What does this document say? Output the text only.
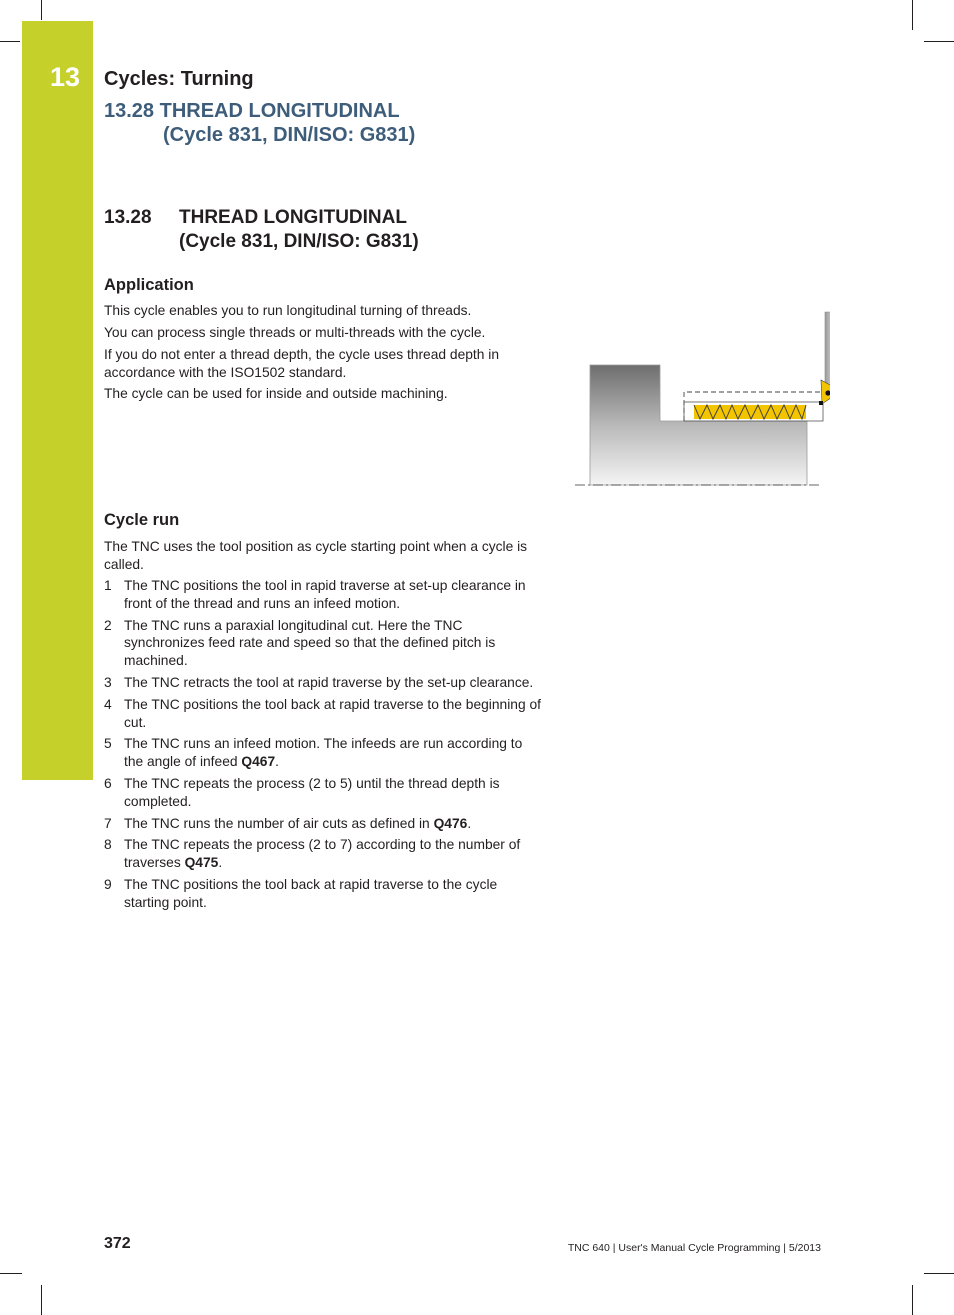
13 Cycles: Turning
13.28 THREAD LONGITUDINAL
(Cycle 831, DIN/ISO: G831)
13.28 THREAD LONGITUDINAL
(Cycle 831, DIN/ISO: G831)
Application

This cycle enables you to run longitudinal turning of threads.

You can process single threads or multi-threads with the cycle.

If you do not enter a thread depth, the cycle uses thread depth in accordance with the ISO1502 standard.

The cycle can be used for inside and outside machining.

Cycle run

The TNC uses the tool position as cycle starting point when a cycle is called.

1 The TNC positions the tool in rapid traverse at set-up clearance in front of the thread and runs an infeed motion.
2 The TNC runs a paraxial longitudinal cut. Here the TNC synchronizes feed rate and speed so that the defined pitch is machined.
3 The TNC retracts the tool at rapid traverse by the set-up clearance.
4 The TNC positions the tool back at rapid traverse to the beginning of cut.
5 The TNC runs an infeed motion. The infeeds are run according to the angle of infeed Q467.
6 The TNC repeats the process (2 to 5) until the thread depth is completed.
7 The TNC runs the number of air cuts as defined in Q476.
8 The TNC repeats the process (2 to 7) according to the number of traverses Q475.
9 The TNC positions the tool back at rapid traverse to the cycle starting point.

372	TNC 640 | User's Manual Cycle Programming | 5/2013
